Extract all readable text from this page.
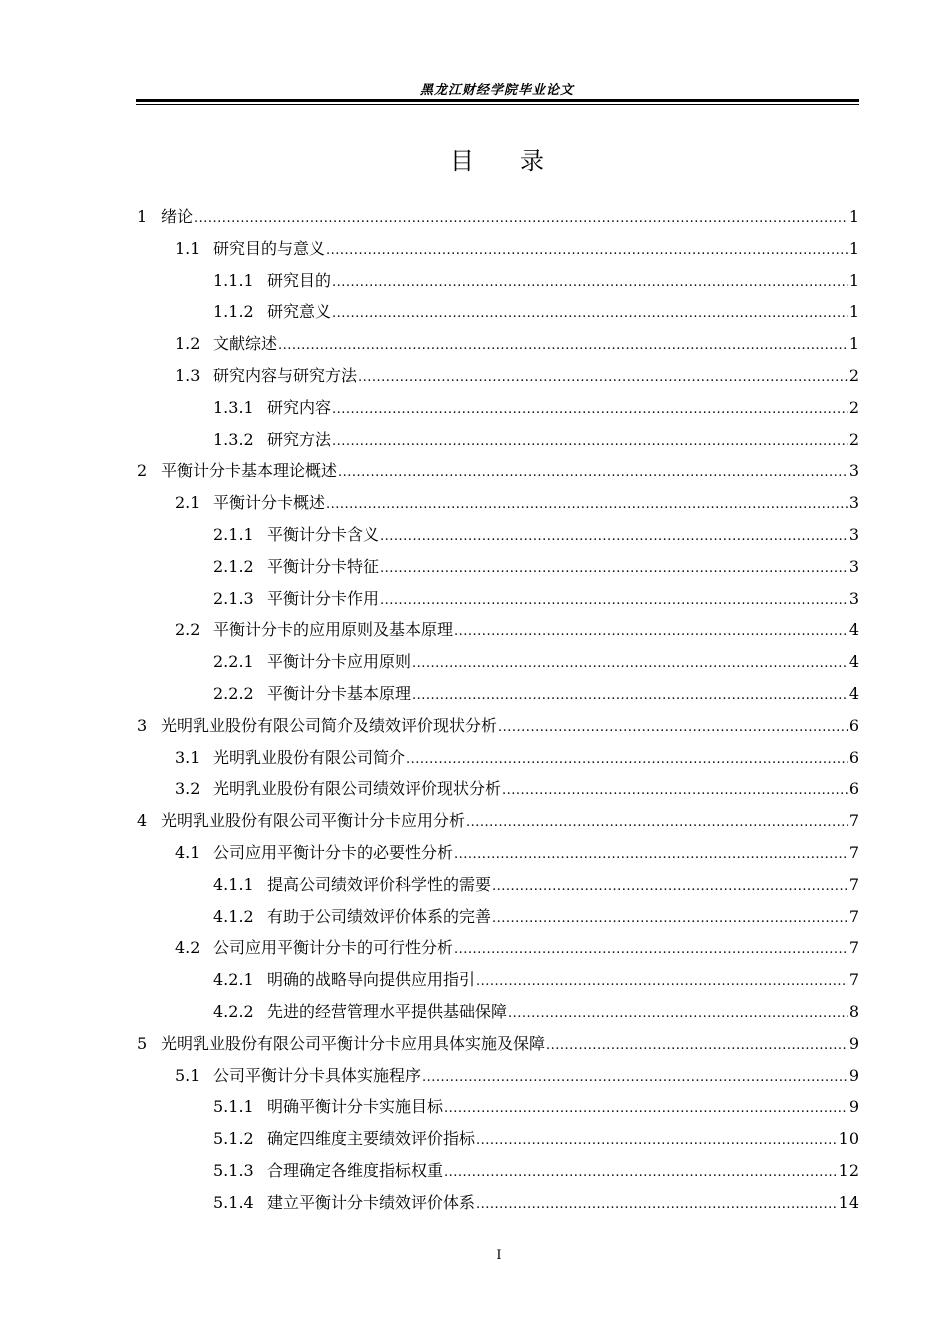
黑龙江财经学院毕业论文
目 录
1 绪论 .....	1
1.1 研究目的与意义 .....	1
1.1.1 研究目的 .....	1
1.1.2 研究意义 .....	1
1.2 文献综述 .....	1
1.3 研究内容与研究方法 .....	2
1.3.1 研究内容 .....	2
1.3.2 研究方法 .....	2
2 平衡计分卡基本理论概述 .....	3
2.1 平衡计分卡概述 .....	3
2.1.1 平衡计分卡含义 .....	3
2.1.2 平衡计分卡特征 .....	3
2.1.3 平衡计分卡作用 .....	3
2.2 平衡计分卡的应用原则及基本原理 .....	4
2.2.1 平衡计分卡应用原则 .....	4
2.2.2 平衡计分卡基本原理 .....	4
3 光明乳业股份有限公司简介及绩效评价现状分析 .....	6
3.1 光明乳业股份有限公司简介 .....	6
3.2 光明乳业股份有限公司绩效评价现状分析 .....	6
4 光明乳业股份有限公司平衡计分卡应用分析 .....	7
4.1 公司应用平衡计分卡的必要性分析 .....	7
4.1.1 提高公司绩效评价科学性的需要 .....	7
4.1.2 有助于公司绩效评价体系的完善 .....	7
4.2 公司应用平衡计分卡的可行性分析 .....	7
4.2.1 明确的战略导向提供应用指引 .....	7
4.2.2 先进的经营管理水平提供基础保障 .....	8
5 光明乳业股份有限公司平衡计分卡应用具体实施及保障 .....	9
5.1 公司平衡计分卡具体实施程序 .....	9
5.1.1 明确平衡计分卡实施目标 .....	9
5.1.2 确定四维度主要绩效评价指标 .....	10
5.1.3 合理确定各维度指标权重 .....	12
5.1.4 建立平衡计分卡绩效评价体系 .....	14
I
